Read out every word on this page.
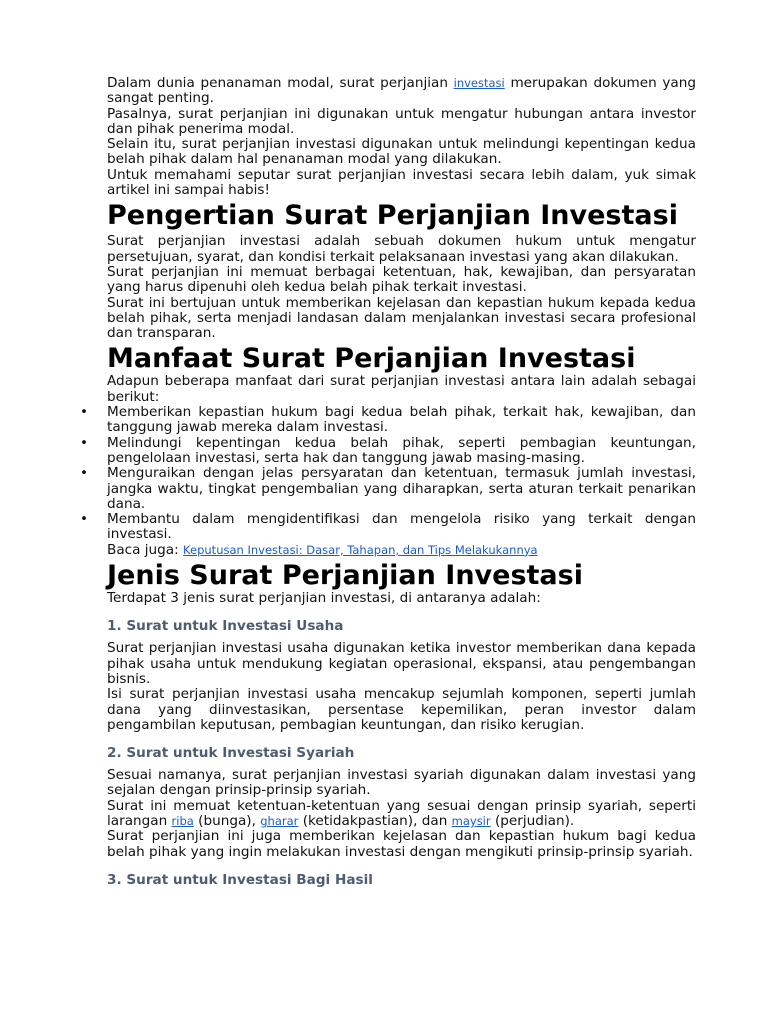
Dalam dunia penanaman modal, surat perjanjian investasi merupakan dokumen yang sangat penting.

Pasalnya, surat perjanjian ini digunakan untuk mengatur hubungan antara investor dan pihak penerima modal.

Selain itu, surat perjanjian investasi digunakan untuk melindungi kepentingan kedua belah pihak dalam hal penanaman modal yang dilakukan.

Untuk memahami seputar surat perjanjian investasi secara lebih dalam, yuk simak artikel ini sampai habis!

Pengertian Surat Perjanjian Investasi

Surat perjanjian investasi adalah sebuah dokumen hukum untuk mengatur persetujuan, syarat, dan kondisi terkait pelaksanaan investasi yang akan dilakukan.

Surat perjanjian ini memuat berbagai ketentuan, hak, kewajiban, dan persyaratan yang harus dipenuhi oleh kedua belah pihak terkait investasi.

Surat ini bertujuan untuk memberikan kejelasan dan kepastian hukum kepada kedua belah pihak, serta menjadi landasan dalam menjalankan investasi secara profesional dan transparan.

Manfaat Surat Perjanjian Investasi

Adapun beberapa manfaat dari surat perjanjian investasi antara lain adalah sebagai berikut:

• Memberikan kepastian hukum bagi kedua belah pihak, terkait hak, kewajiban, dan tanggung jawab mereka dalam investasi.
• Melindungi kepentingan kedua belah pihak, seperti pembagian keuntungan, pengelolaan investasi, serta hak dan tanggung jawab masing-masing.
• Menguraikan dengan jelas persyaratan dan ketentuan, termasuk jumlah investasi, jangka waktu, tingkat pengembalian yang diharapkan, serta aturan terkait penarikan dana.
• Membantu dalam mengidentifikasi dan mengelola risiko yang terkait dengan investasi.

Baca juga: Keputusan Investasi: Dasar, Tahapan, dan Tips Melakukannya

Jenis Surat Perjanjian Investasi

Terdapat 3 jenis surat perjanjian investasi, di antaranya adalah:

1. Surat untuk Investasi Usaha

Surat perjanjian investasi usaha digunakan ketika investor memberikan dana kepada pihak usaha untuk mendukung kegiatan operasional, ekspansi, atau pengembangan bisnis.

Isi surat perjanjian investasi usaha mencakup sejumlah komponen, seperti jumlah dana yang diinvestasikan, persentase kepemilikan, peran investor dalam pengambilan keputusan, pembagian keuntungan, dan risiko kerugian.

2. Surat untuk Investasi Syariah

Sesuai namanya, surat perjanjian investasi syariah digunakan dalam investasi yang sejalan dengan prinsip-prinsip syariah.

Surat ini memuat ketentuan-ketentuan yang sesuai dengan prinsip syariah, seperti larangan riba (bunga), gharar (ketidakpastian), dan maysir (perjudian).

Surat perjanjian ini juga memberikan kejelasan dan kepastian hukum bagi kedua belah pihak yang ingin melakukan investasi dengan mengikuti prinsip-prinsip syariah.

3. Surat untuk Investasi Bagi Hasil
